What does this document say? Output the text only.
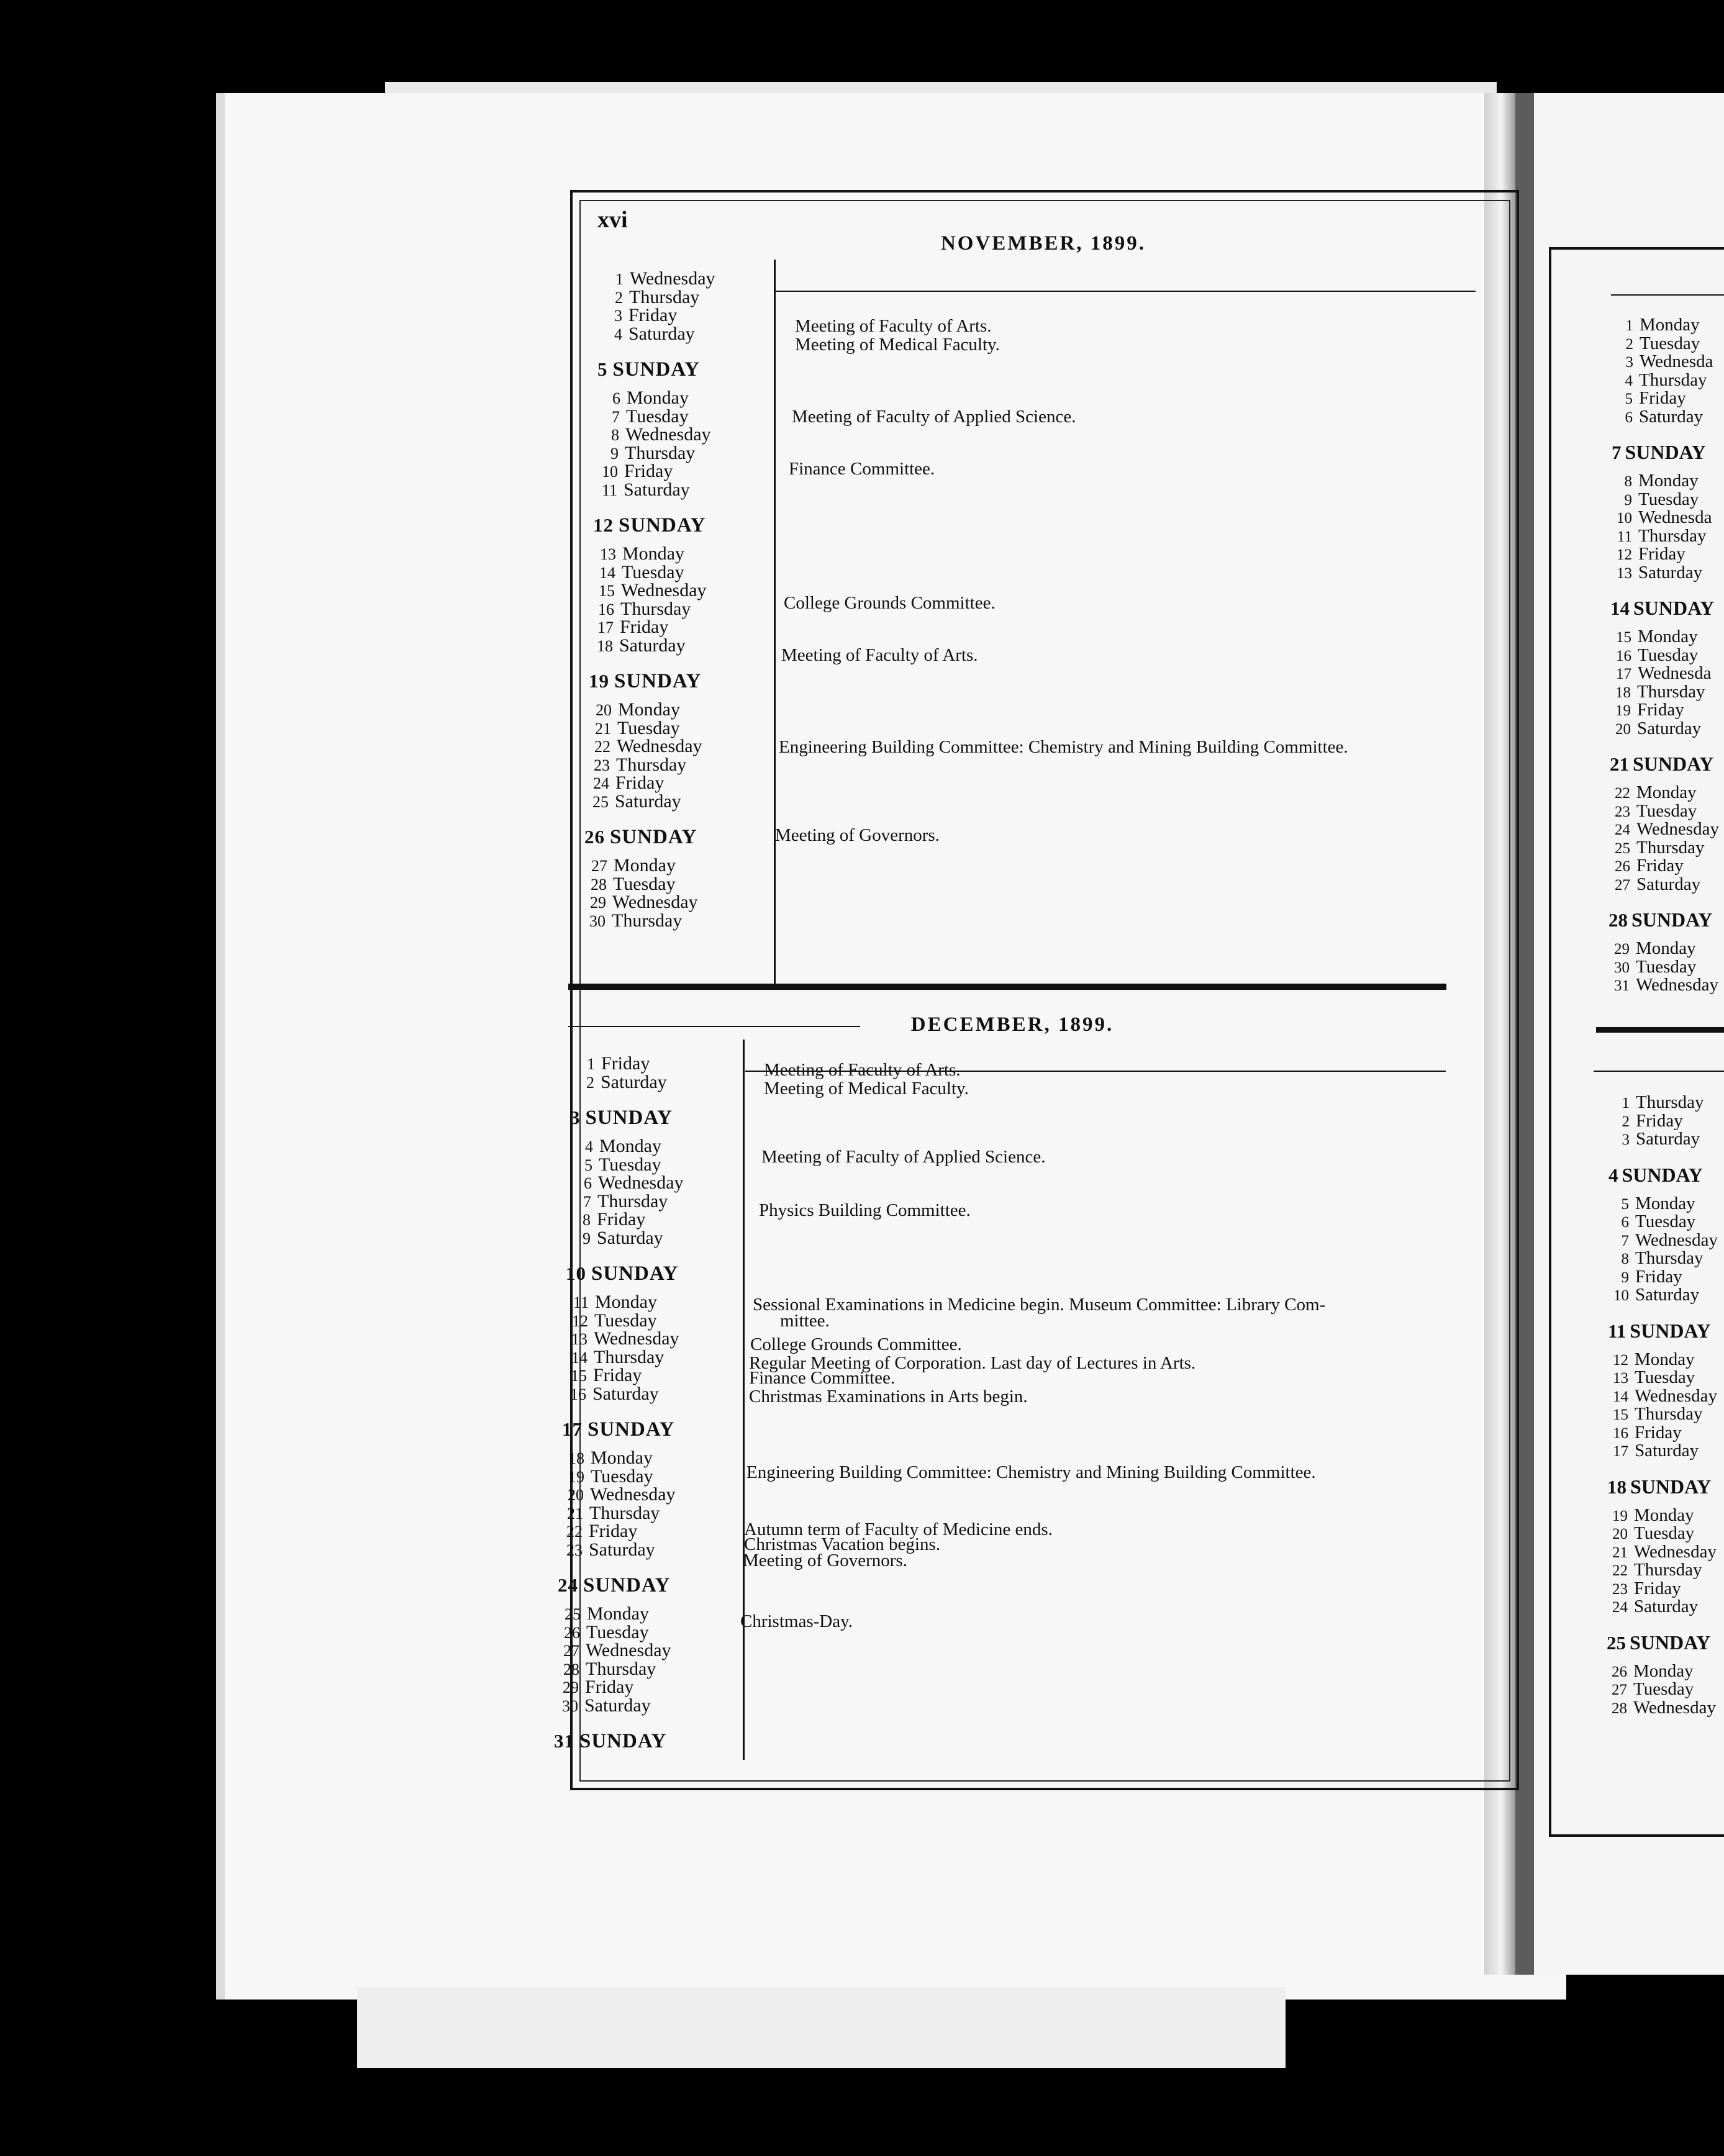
xvi
NOVEMBER, 1899.
1 Wednesday
2 Thursday
3 Friday
4 Saturday
5 SUNDAY
6 Monday
7 Tuesday
8 Wednesday
9 Thursday
10 Friday
11 Saturday
12 SUNDAY
13 Monday
14 Tuesday
15 Wednesday
16 Thursday
17 Friday
18 Saturday
19 SUNDAY
20 Monday
21 Tuesday
22 Wednesday
23 Thursday
24 Friday
25 Saturday
26 SUNDAY
27 Monday
28 Tuesday
29 Wednesday
30 Thursday
Meeting of Faculty of Arts.
Meeting of Medical Faculty.
Meeting of Faculty of Applied Science.
Finance Committee.
College Grounds Committee.
Meeting of Faculty of Arts.
Engineering Building Committee: Chemistry and Mining Building Committee.
Meeting of Governors.
DECEMBER, 1899.
1 Friday
2 Saturday
3 SUNDAY
4 Monday
5 Tuesday
6 Wednesday
7 Thursday
8 Friday
9 Saturday
10 SUNDAY
11 Monday
12 Tuesday
13 Wednesday
14 Thursday
15 Friday
16 Saturday
17 SUNDAY
18 Monday
19 Tuesday
20 Wednesday
21 Thursday
22 Friday
23 Saturday
24 SUNDAY
25 Monday
26 Tuesday
27 Wednesday
28 Thursday
29 Friday
30 Saturday
31 SUNDAY
Meeting of Faculty of Arts.
Meeting of Medical Faculty.
Meeting of Faculty of Applied Science.
Physics Building Committee.
Sessional Examinations in Medicine begin. Museum Committee: Library Com-
mittee.
College Grounds Committee.
Regular Meeting of Corporation. Last day of Lectures in Arts.
Finance Committee.
Christmas Examinations in Arts begin.
Engineering Building Committee: Chemistry and Mining Building Committee.
Autumn term of Faculty of Medicine ends.
Christmas Vacation begins.
Meeting of Governors.
Christmas-Day.
1 Monday
2 Tuesday
3 Wednesda
4 Thursday
5 Friday
6 Saturday
7 SUNDAY
8 Monday
9 Tuesday
10 Wednesda
11 Thursday
12 Friday
13 Saturday
14 SUNDAY
15 Monday
16 Tuesday
17 Wednesda
18 Thursday
19 Friday
20 Saturday
21 SUNDAY
22 Monday
23 Tuesday
24 Wednesday
25 Thursday
26 Friday
27 Saturday
28 SUNDAY
29 Monday
30 Tuesday
31 Wednesday
1 Thursday
2 Friday
3 Saturday
4 SUNDAY
5 Monday
6 Tuesday
7 Wednesday
8 Thursday
9 Friday
10 Saturday
11 SUNDAY
12 Monday
13 Tuesday
14 Wednesday
15 Thursday
16 Friday
17 Saturday
18 SUNDAY
19 Monday
20 Tuesday
21 Wednesday
22 Thursday
23 Friday
24 Saturday
25 SUNDAY
26 Monday
27 Tuesday
28 Wednesday
